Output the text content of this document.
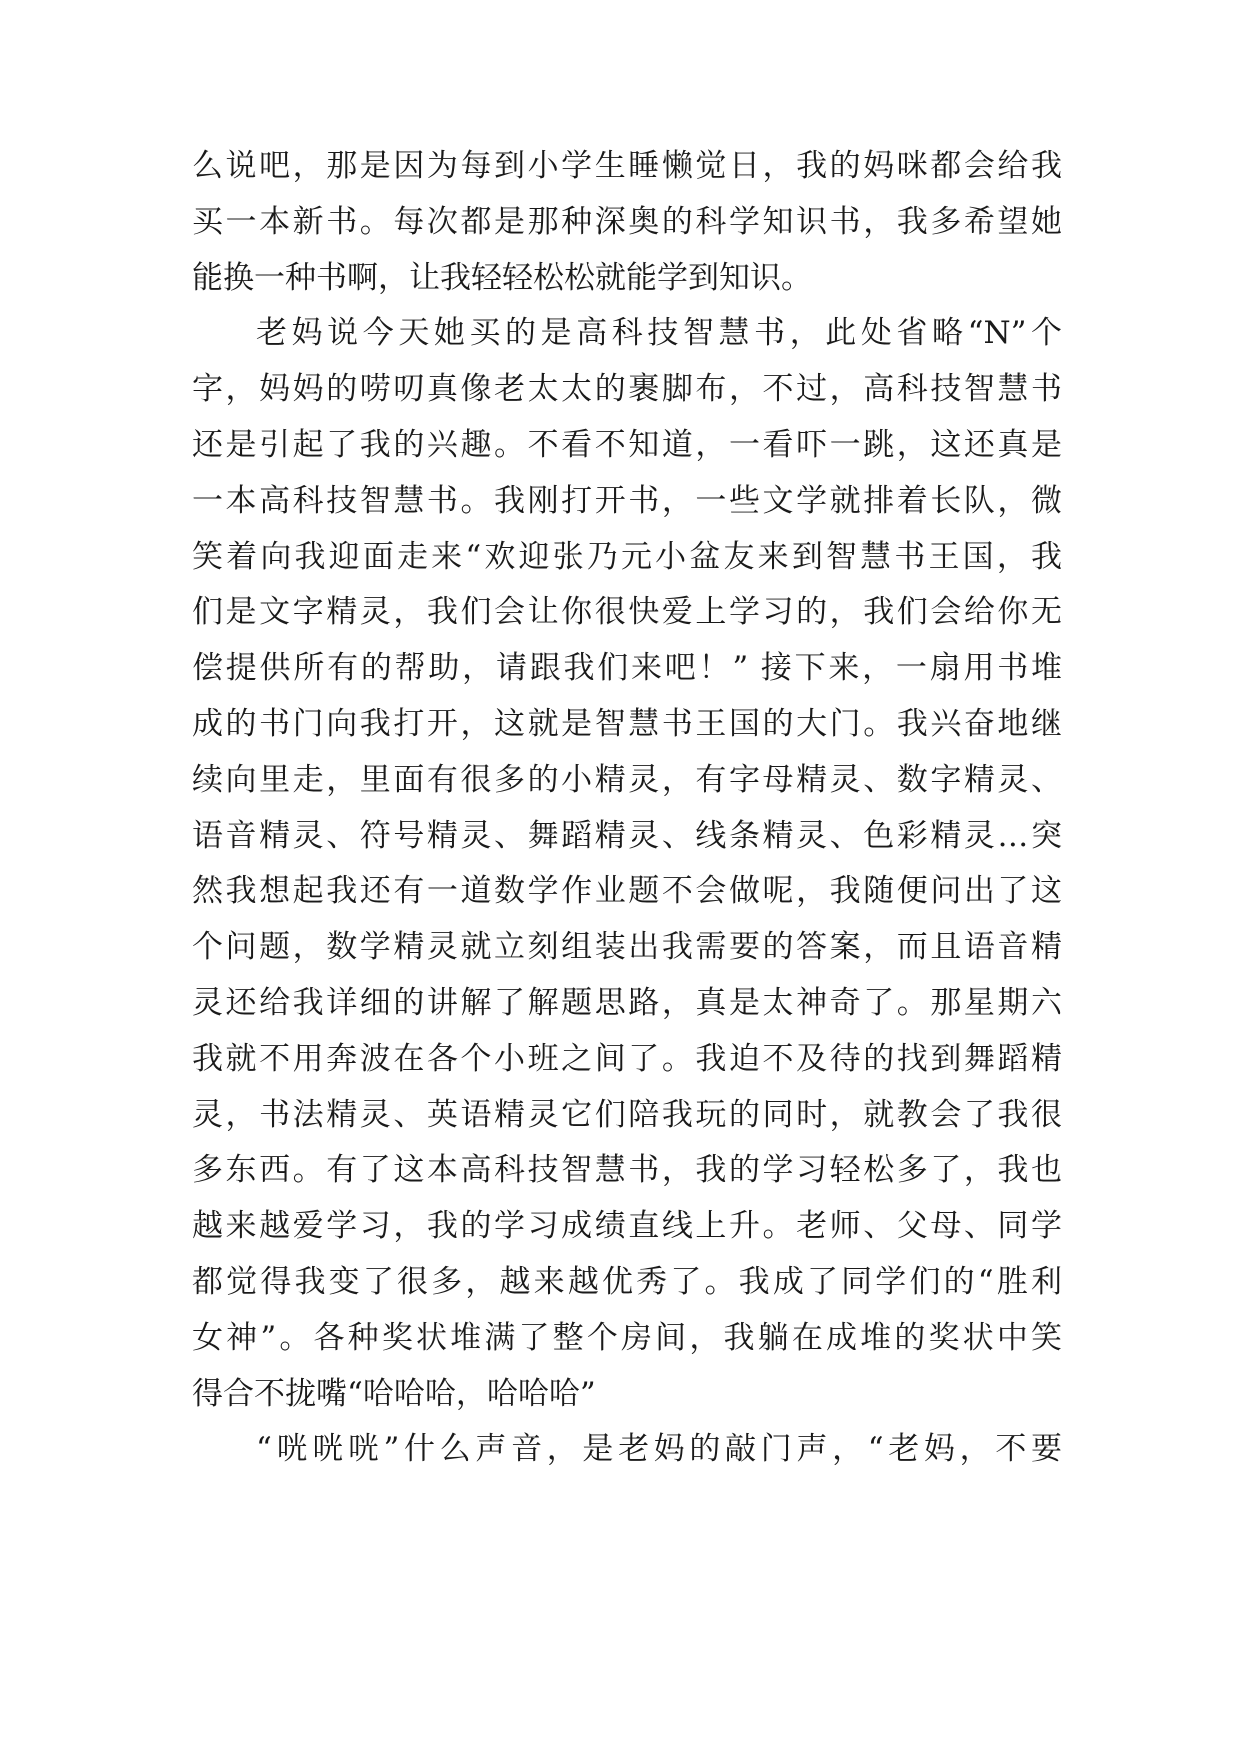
么说吧，那是因为每到小学生睡懒觉日，我的妈咪都会给我
买一本新书。每次都是那种深奥的科学知识书，我多希望她
能换一种书啊，让我轻轻松松就能学到知识。
老妈说今天她买的是高科技智慧书，此处省略“N”个
字，妈妈的唠叨真像老太太的裹脚布，不过，高科技智慧书
还是引起了我的兴趣。不看不知道，一看吓一跳，这还真是
一本高科技智慧书。我刚打开书，一些文学就排着长队，微
笑着向我迎面走来“欢迎张乃元小盆友来到智慧书王国，我
们是文字精灵，我们会让你很快爱上学习的，我们会给你无
偿提供所有的帮助，请跟我们来吧！” 接下来，一扇用书堆
成的书门向我打开，这就是智慧书王国的大门。我兴奋地继
续向里走，里面有很多的小精灵，有字母精灵、数字精灵、
语音精灵、符号精灵、舞蹈精灵、线条精灵、色彩精灵…突
然我想起我还有一道数学作业题不会做呢，我随便问出了这
个问题，数学精灵就立刻组装出我需要的答案，而且语音精
灵还给我详细的讲解了解题思路，真是太神奇了。那星期六
我就不用奔波在各个小班之间了。我迫不及待的找到舞蹈精
灵，书法精灵、英语精灵它们陪我玩的同时，就教会了我很
多东西。有了这本高科技智慧书，我的学习轻松多了，我也
越来越爱学习，我的学习成绩直线上升。老师、父母、同学
都觉得我变了很多，越来越优秀了。我成了同学们的“胜利
女神”。各种奖状堆满了整个房间，我躺在成堆的奖状中笑
得合不拢嘴“哈哈哈，哈哈哈”
“咣咣咣”什么声音，是老妈的敲门声，“老妈，不要
